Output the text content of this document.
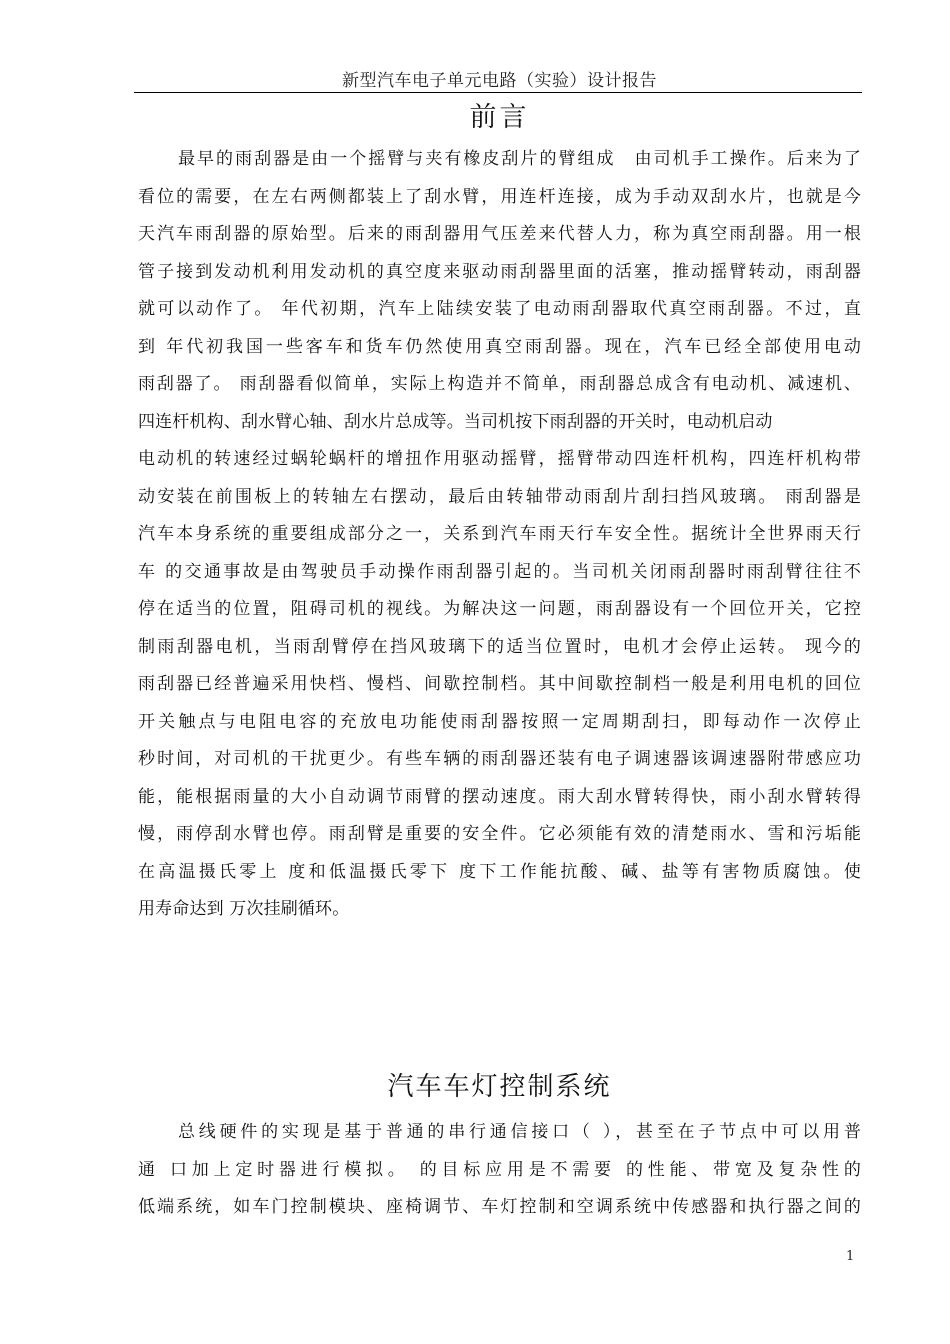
新型汽车电子单元电路（实验）设计报告
前言
最早的雨刮器是由一个摇臂与夹有橡皮刮片的臂组成　由司机手工操作。后来为了
看位的需要，在左右两侧都装上了刮水臂，用连杆连接，成为手动双刮水片，也就是今
天汽车雨刮器的原始型。后来的雨刮器用气压差来代替人力，称为真空雨刮器。用一根
管子接到发动机利用发动机的真空度来驱动雨刮器里面的活塞，推动摇臂转动，雨刮器
就可以动作了。 年代初期，汽车上陆续安装了电动雨刮器取代真空雨刮器。不过，直
到 年代初我国一些客车和货车仍然使用真空雨刮器。现在，汽车已经全部使用电动
雨刮器了。 雨刮器看似简单，实际上构造并不简单，雨刮器总成含有电动机、减速机、
四连杆机构、刮水臂心轴、刮水片总成等。当司机按下雨刮器的开关时，电动机启动
电动机的转速经过蜗轮蜗杆的增扭作用驱动摇臂，摇臂带动四连杆机构，四连杆机构带
动安装在前围板上的转轴左右摆动，最后由转轴带动雨刮片刮扫挡风玻璃。 雨刮器是
汽车本身系统的重要组成部分之一，关系到汽车雨天行车安全性。据统计全世界雨天行
车 的交通事故是由驾驶员手动操作雨刮器引起的。当司机关闭雨刮器时雨刮臂往往不
停在适当的位置，阻碍司机的视线。为解决这一问题，雨刮器设有一个回位开关，它控
制雨刮器电机，当雨刮臂停在挡风玻璃下的适当位置时，电机才会停止运转。 现今的
雨刮器已经普遍采用快档、慢档、间歇控制档。其中间歇控制档一般是利用电机的回位
开关触点与电阻电容的充放电功能使雨刮器按照一定周期刮扫，即每动作一次停止
秒时间，对司机的干扰更少。有些车辆的雨刮器还装有电子调速器该调速器附带感应功
能，能根据雨量的大小自动调节雨臂的摆动速度。雨大刮水臂转得快，雨小刮水臂转得
慢，雨停刮水臂也停。雨刮臂是重要的安全件。它必须能有效的清楚雨水、雪和污垢能
在高温摄氏零上 度和低温摄氏零下 度下工作能抗酸、碱、盐等有害物质腐蚀。使
用寿命达到 万次挂刷循环。
汽车车灯控制系统
总线硬件的实现是基于普通的串行通信接口（ ），甚至在子节点中可以用普
通 口加上定时器进行模拟。 的目标应用是不需要 的性能、带宽及复杂性的
低端系统，如车门控制模块、座椅调节、车灯控制和空调系统中传感器和执行器之间的
1
